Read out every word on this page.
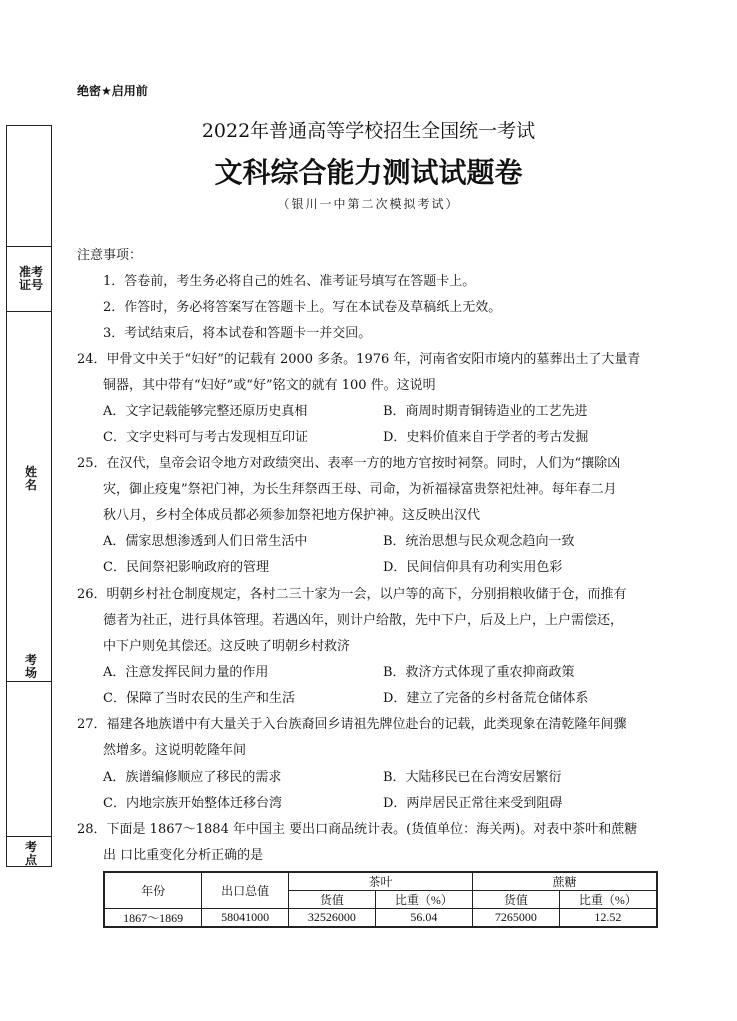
准考
证号
姓
名
考
场
考
点
绝密★启用前
2022年普通高等学校招生全国统一考试
文科综合能力测试试题卷
（银川一中第二次模拟考试）
注意事项：
1．答卷前，考生务必将自己的姓名、准考证号填写在答题卡上。
2．作答时，务必将答案写在答题卡上。写在本试卷及草稿纸上无效。
3．考试结束后，将本试卷和答题卡一并交回。
24．甲骨文中关于“妇好”的记载有 2000 多条。1976 年，河南省安阳市境内的墓葬出土了大量青
铜器，其中带有“妇好”或“好”铭文的就有 100 件。这说明
A．文字记载能够完整还原历史真相	B．商周时期青铜铸造业的工艺先进
C．文字史料可与考古发现相互印证	D．史料价值来自于学者的考古发掘
25．在汉代，皇帝会诏令地方对政绩突出、表率一方的地方官按时祠祭。同时，人们为“攘除凶
灾，御止疫鬼”祭祀门神，为长生拜祭西王母、司命，为祈福禄富贵祭祀灶神。每年春二月
秋八月，乡村全体成员都必须参加祭祀地方保护神。这反映出汉代
A．儒家思想渗透到人们日常生活中	B．统治思想与民众观念趋向一致
C．民间祭祀影响政府的管理	D．民间信仰具有功利实用色彩
26．明朝乡村社仓制度规定，各村二三十家为一会，以户等的高下，分别捐粮收储于仓，而推有
德者为社正，进行具体管理。若遇凶年，则计户给散，先中下户，后及上户，上户需偿还，
中下户则免其偿还。这反映了明朝乡村救济
A．注意发挥民间力量的作用	B．救济方式体现了重农抑商政策
C．保障了当时农民的生产和生活	D．建立了完备的乡村备荒仓储体系
27．福建各地族谱中有大量关于入台族裔回乡请祖先牌位赴台的记载，此类现象在清乾隆年间骤
然增多。这说明乾隆年间
A．族谱编修顺应了移民的需求	B．大陆移民已在台湾安居繁衍
C．内地宗族开始整体迁移台湾	D．两岸居民正常往来受到阻碍
28．下面是 1867～1884 年中国主 要出口商品统计表。(货值单位：海关两)。对表中茶叶和蔗糖
出 口比重变化分析正确的是
年份	出口总值	茶叶		蔗糖	
		货值	比重（%）	货值	比重（%）
1867～1869	58041000	32526000	56.04	7265000	12.52
